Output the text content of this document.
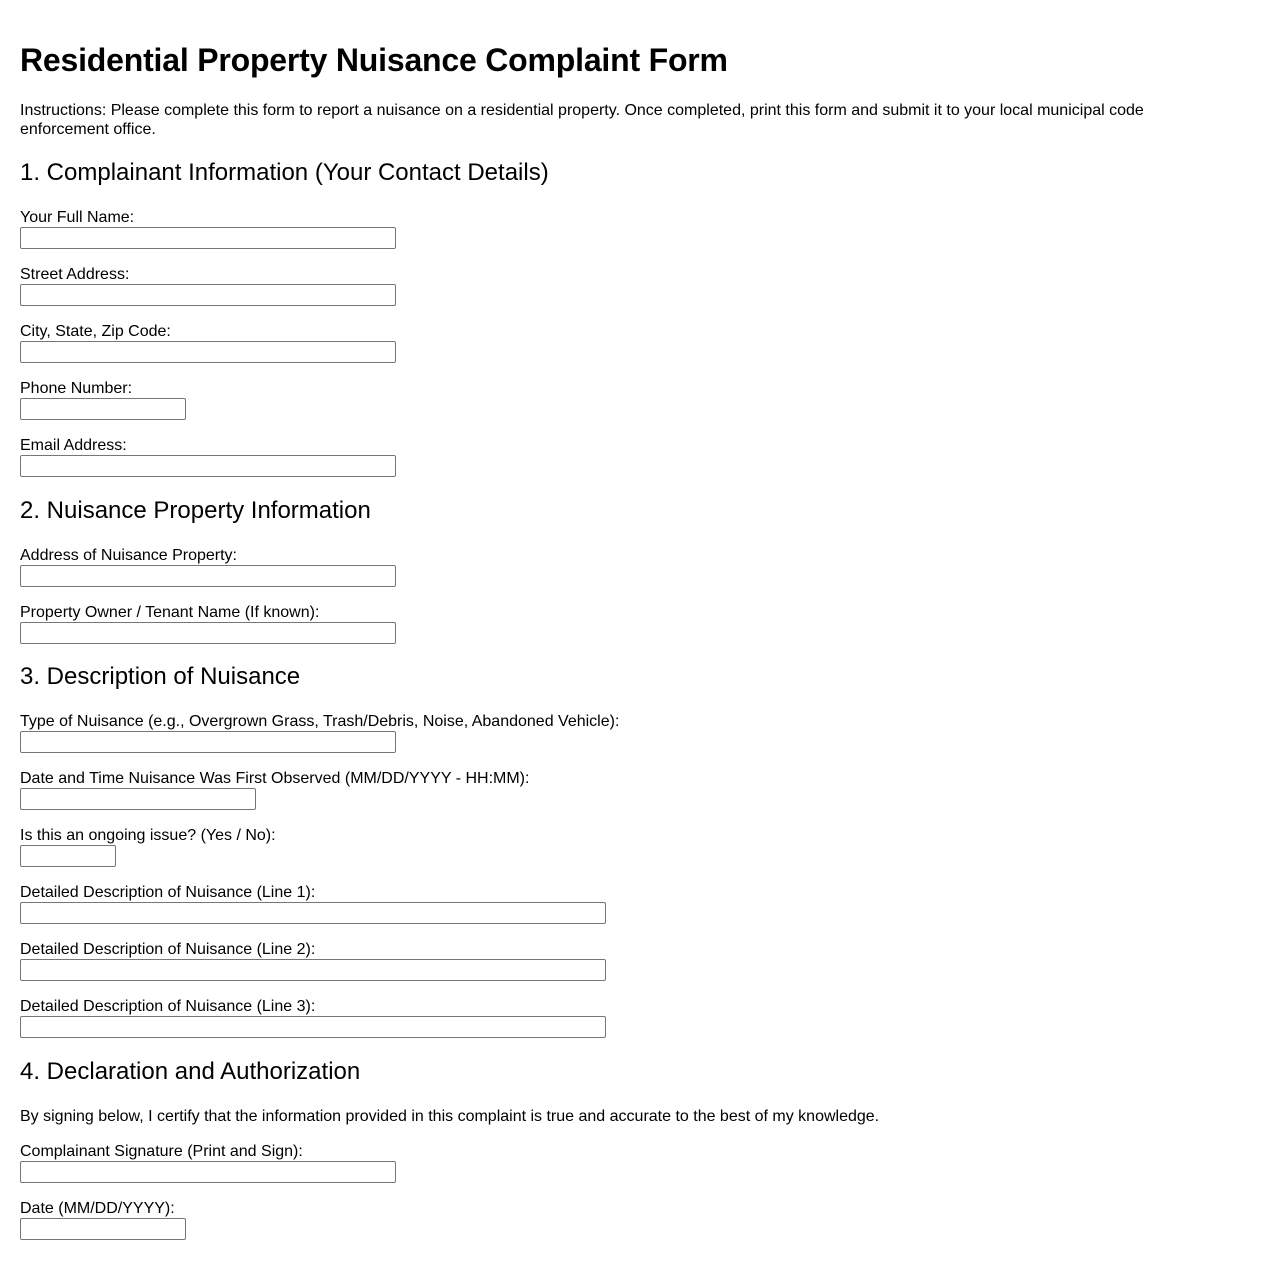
Residential Property Nuisance Complaint Form

Instructions: Please complete this form to report a nuisance on a residential property. Once completed, print this form and submit it to your local municipal code enforcement office.

1. Complainant Information (Your Contact Details)
Your Full Name:
Street Address:
City, State, Zip Code:
Phone Number:
Email Address:
2. Nuisance Property Information
Address of Nuisance Property:
Property Owner / Tenant Name (If known):
3. Description of Nuisance
Type of Nuisance (e.g., Overgrown Grass, Trash/Debris, Noise, Abandoned Vehicle):
Date and Time Nuisance Was First Observed (MM/DD/YYYY - HH:MM):
Is this an ongoing issue? (Yes / No):
Detailed Description of Nuisance (Line 1):
Detailed Description of Nuisance (Line 2):
Detailed Description of Nuisance (Line 3):
4. Declaration and Authorization

By signing below, I certify that the information provided in this complaint is true and accurate to the best of my knowledge.

Complainant Signature (Print and Sign):
Date (MM/DD/YYYY):
